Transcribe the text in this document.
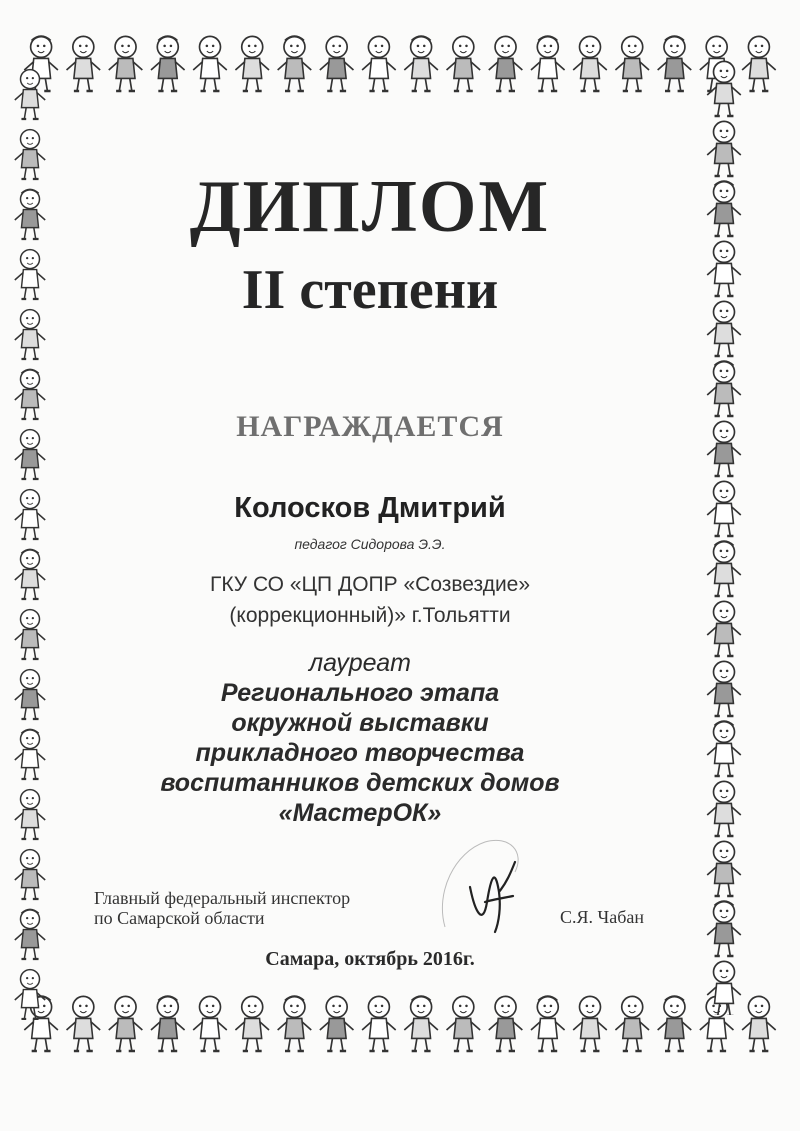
ДИПЛОМ
II степени
НАГРАЖДАЕТСЯ
Колосков Дмитрий
педагог Сидорова Э.Э.
ГКУ СО «ЦП ДОПР «Созвездие»
(коррекционный)» г.Тольятти
лауреат
Регионального этапа
окружной выставки
прикладного творчества
воспитанников детских домов
«МастерОК»
Главный федеральный инспектор
по Самарской области	С.Я. Чабан
Самара, октябрь 2016г.
